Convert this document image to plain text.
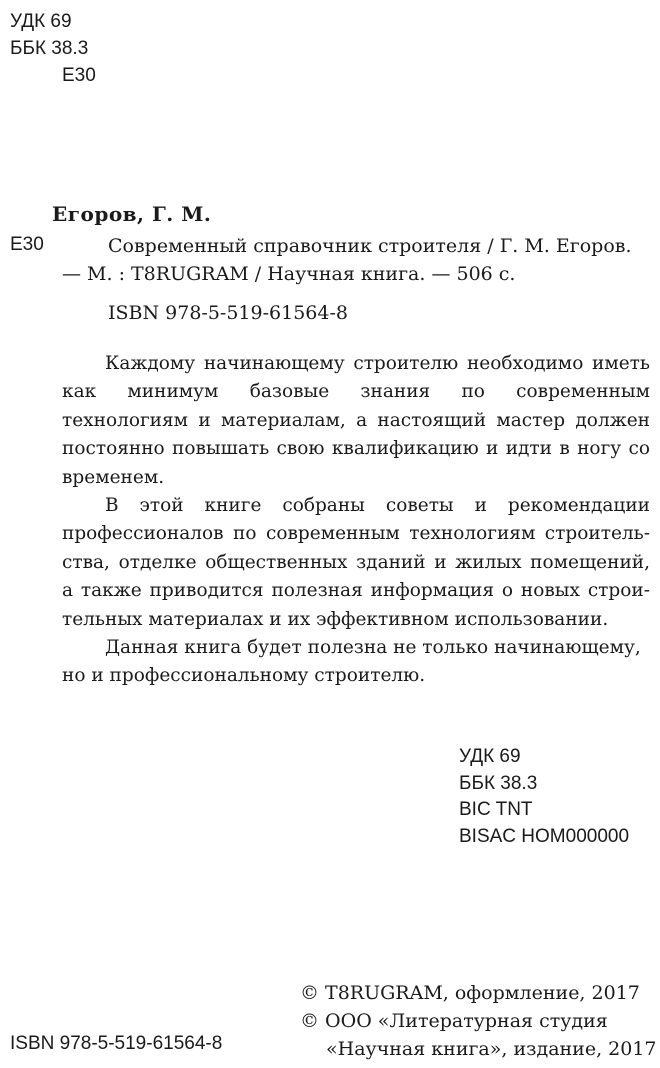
УДК 69
ББК 38.3
Е30
Егоров, Г. М.
Е30	Современный справочник строителя / Г. М. Егоров.
— М. : T8RUGRAM / Научная книга. — 506 с.
ISBN 978-5-519-61564-8

Каждому начинающему строителю необходимо иметь как минимум базовые знания по современным технологиям и материалам, а настоящий мастер должен постоянно повышать свою квалификацию и идти в ногу со временем.

В этой книге собраны советы и рекомендации профессионалов по современным технологиям строительства, отделке общественных зданий и жилых помещений, а также приводится полезная информация о новых строительных материалах и их эффективном использовании.

Данная книга будет полезна не только начинающему, но и профессиональному строителю.

УДК 69
ББК 38.3
BIC TNT
BISAC HOM000000
© T8RUGRAM, оформление, 2017
© ООО «Литературная студия
«Научная книга», издание, 2017
ISBN 978-5-519-61564-8
